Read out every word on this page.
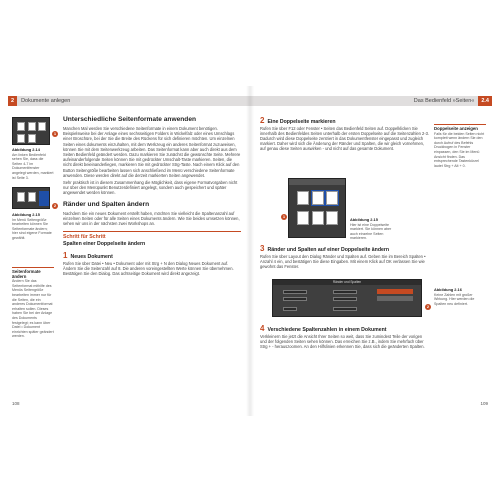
2	Dokumente anlegen
1
Abbildung 2.14
Am linken Bedienfeld sehen Sie, dass die Seiten 4-7 im Dokumentfenster angelegt werden, markiert ist Seite 3.
2
Abbildung 2.15
Im Menü Seitengröße bearbeiten können Sie Seitenformate ändern; hier sind eigene Formate gewählt.
Seitenformate ändern
Ändern Sie das Seitenformat mithilfe des Menüs Seitengröße bearbeiten immer nur für die Seiten, die ein anderes Dokumentformat erhalten sollen. Dieses haben Sie bei der Anlage des Dokuments festgelegt; es kann über Datei • Dokument einrichten später geändert werden.
Unterschiedliche Seitenformate anwenden
Manchen Mal werden Sie verschiedene Seitenformate in einem Dokument benötigen. Beispielsweise bei der Anlage eines sechsseitigen Folders in Wickelfalz oder eines Umschlags einer Broschüre, bei der Sie die Breite des Rückens für sich definieren möchten. Um einzelnen Seiten eines dokuments einzuhalten, mit dem Werkzeug ein anderes Seitenformat zuzuweisen, können Sie mit dem Seitenwerkzeug arbeiten. Das Seitenformat kann aber auch direkt aus dem Seiten Bedienfeld geändert werden. Dazu markieren Sie zunächst die gewünschte Seite. Mehrere aufeinanderfolgende Seiten können Sie mit gedrückter Umschalt-Taste markieren. Seiten, die nicht direkt beieinanderliegen, markieren Sie mit gedrückter Strg-Taste. Nach einem Klick auf den Button Seitengröße bearbeiten lassen sich anschließend im Menü verschiedene Seitenformate anwenden. Diese werden direkt auf die derzeit markierten Seiten angewendet.
Sehr praktisch ist in diesem Zusammenhang die Möglichkeit, dass eigene Formatvorgaben nicht nur über den Menüpunkt Benutzerdefiniert angelegt, sondern auch gespeichert und später angewendet werden können.
Ränder und Spalten ändern
Nachdem Sie ein neues Dokument erstellt haben, möchten Sie vielleicht die Spaltenanzahl auf einzelnen Seiten oder für alle Seiten eines Dokuments ändern. Wie Sie beides umsetzen können, sehen wir uns in der nächsten zwei Workshops an.
Schritt für Schritt
Spalten einer Doppelseite ändern
1 Neues Dokument
Rufen Sie über Datei • Neu • Dokument oder mit Strg + N den Dialog Neues Dokument auf. Ändern Sie die Seitenzahl auf 8. Die anderen voreingestellten Werte können Sie übernehmen. Bestätigen Sie den Dialog. Das achtseitige Dokument wird direkt angezeigt.
108
Das Bedienfeld »Seiten«	2.4
2 Eine Doppelseite markieren
Rufen Sie über F12 oder Fenster • Seiten das Bedienfeld Seiten auf. Doppelklicken Sie innerhalb des Bedienfeldes Seiten unterhalb der ersten Doppelseite auf die Seitenzahlen 2-3. Dadurch wird diese Doppelseite zentriert in das Dokumentfenster eingepasst und zugleich markiert. Daher wird sich die Änderung der Ränder und Spalten, die wir gleich vornehmen, auf genau diese Seiten auswirken - und nicht auf das gesamte Dokument.
1
Abbildung 2.15
Hier ist eine Doppelseite markiert. Sie können aber auch einzelne Seiten markieren.
3 Ränder und Spalten auf einer Doppelseite ändern
Rufen Sie über Layout den Dialog Ränder und Spalten auf. Geben Sie im Bereich Spalten • Anzahl 4 ein, und bestätigen Sie diese Eingaben. Mit einem Klick auf OK verlassen Sie wie gewohnt das Fenster.
Ränder und Spalten
2
Abbildung 2.16
Keine Zahlen mit großer Wirkung. Hier werden die Spalten neu definiert.
4 Verschiedene Spaltenzahlen in einem Dokument
Verkleinern Sie jetzt die Ansicht Ihrer Seiten so weit, dass Sie zumindest Teile der vorigen und der folgenden Seiten sehen können. Das erreichen Sie z.B., indem Sie mehrfach über Strg + - herauszoomen. An den Hilfslinien erkennen Sie, dass sich die geänderten Spalten.
Doppelseite anzeigen
Falls für die beiden Seiten nicht komplett wenn ändern Sie den durch Aufruf des Befehls Druckbogen in Fenster einpassen, den Sie im Menü Ansicht finden. Das entsprechende Tastenkürzel lautet Strg + Alt + 0.
109
